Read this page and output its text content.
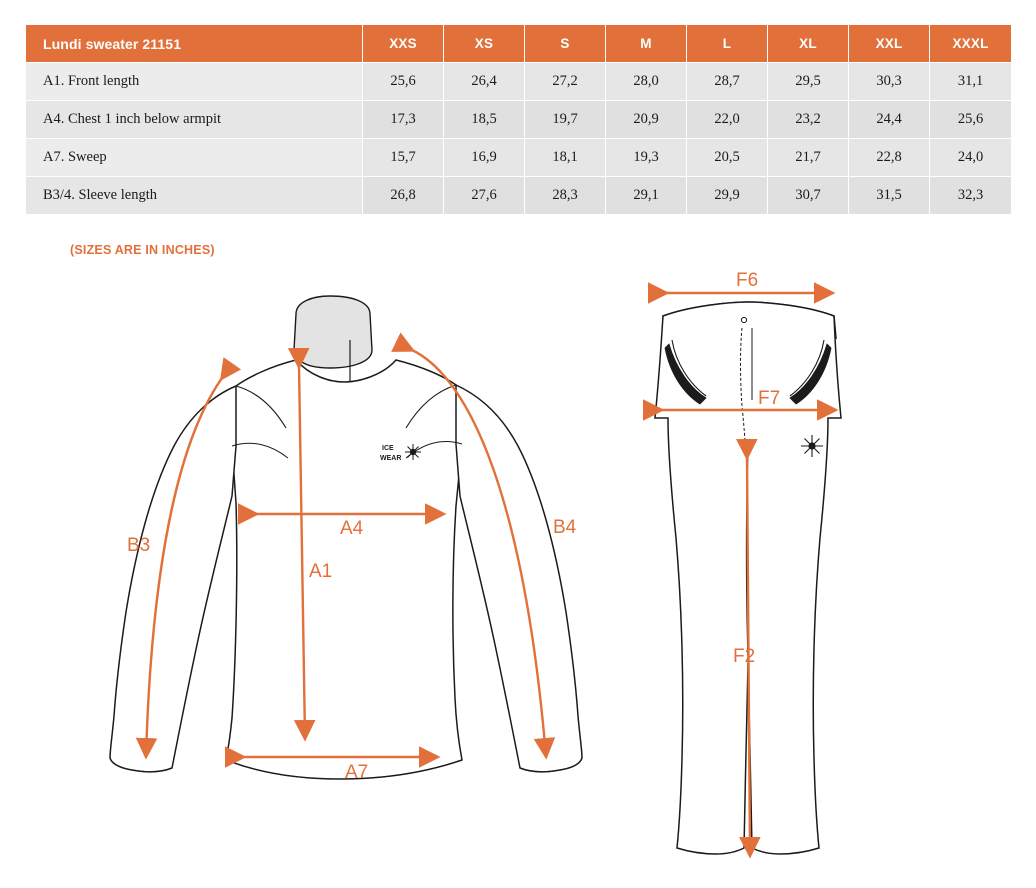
Lundi sweater 21151	XXS	XS	S	M	L	XL	XXL	XXXL
A1. Front length	25,6	26,4	27,2	28,0	28,7	29,5	30,3	31,1
A4. Chest 1 inch below armpit	17,3	18,5	19,7	20,9	22,0	23,2	24,4	25,6
A7. Sweep	15,7	16,9	18,1	19,3	20,5	21,7	22,8	24,0
B3/4. Sleeve length	26,8	27,6	28,3	29,1	29,9	30,7	31,5	32,3
(SIZES ARE IN INCHES)
ICE
WEAR
B3
B4
A4
A1
A7
F6
F7
F2
